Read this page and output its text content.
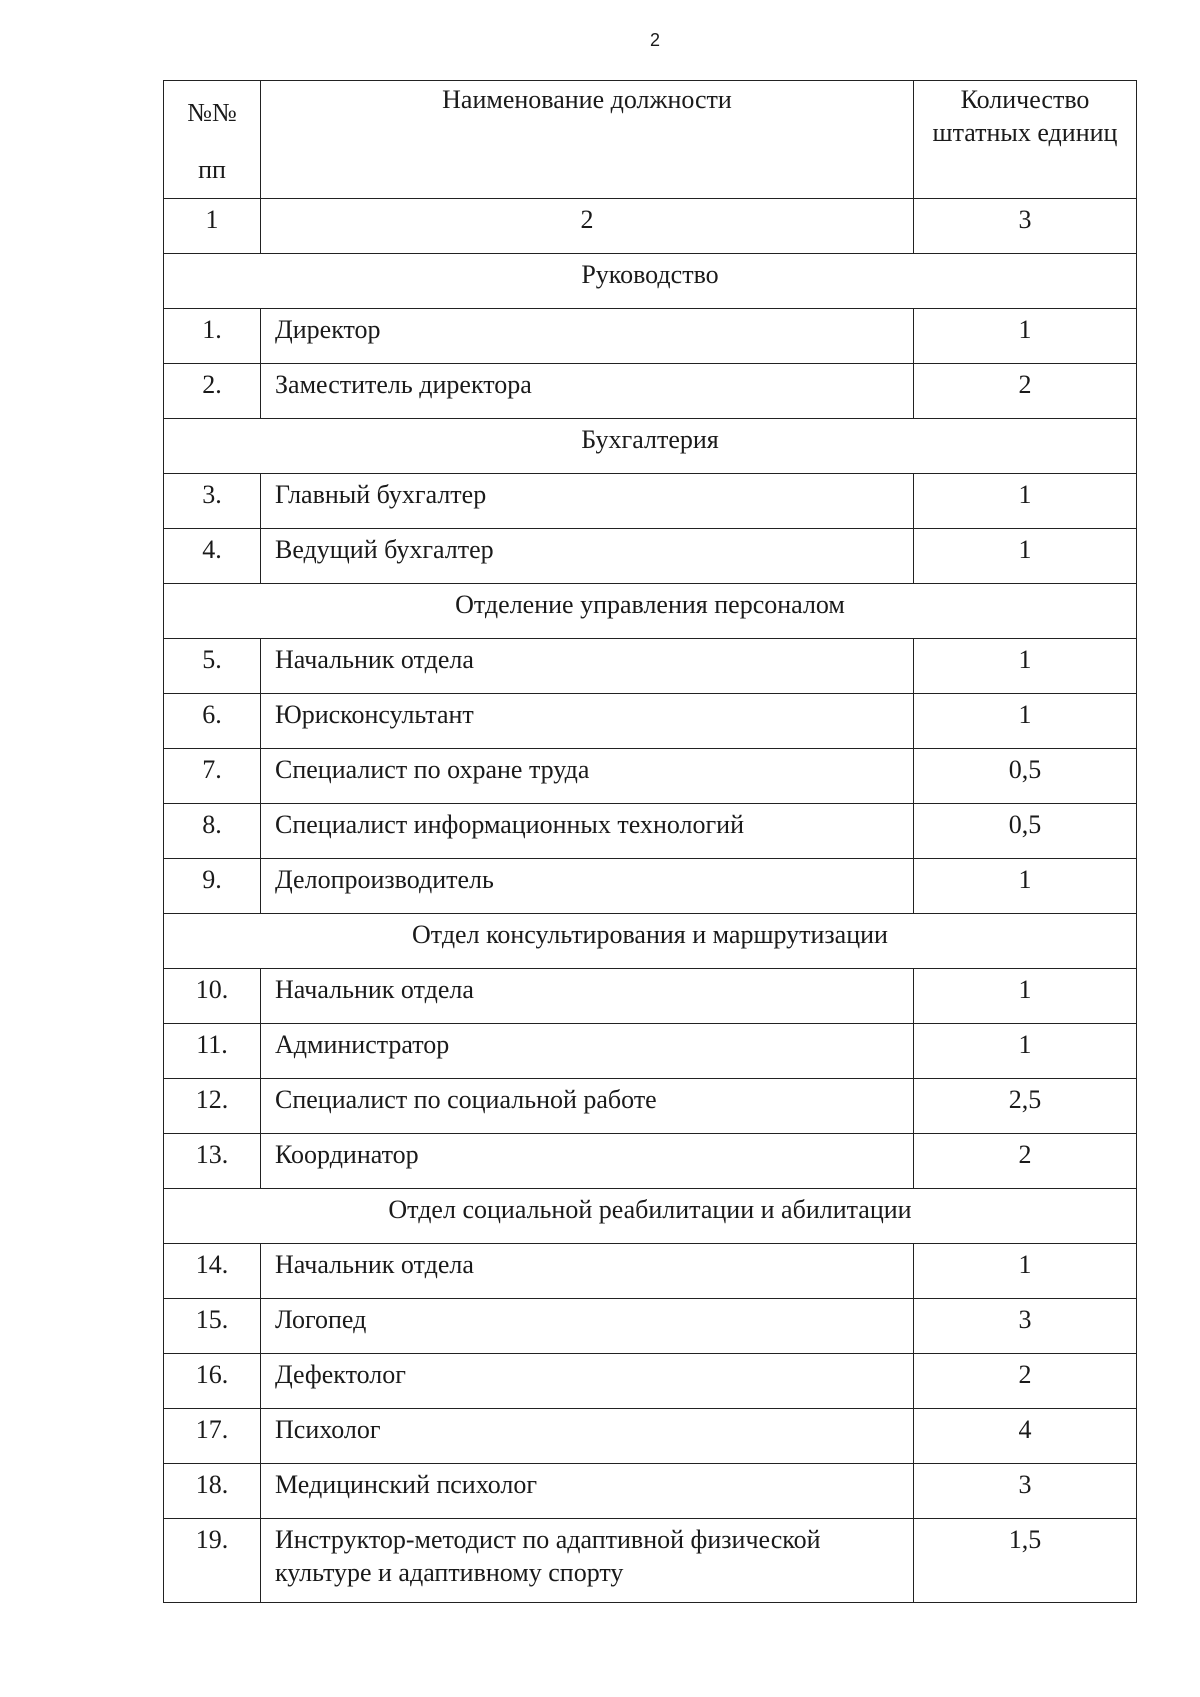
2
№№
пп	Наименование должности	Количество штатных единиц
1	2	3
Руководство		
1.	Директор	1
2.	Заместитель директора	2
Бухгалтерия		
3.	Главный бухгалтер	1
4.	Ведущий бухгалтер	1
Отделение управления персоналом		
5.	Начальник отдела	1
6.	Юрисконсультант	1
7.	Специалист по охране труда	0,5
8.	Специалист информационных технологий	0,5
9.	Делопроизводитель	1
Отдел консультирования и маршрутизации		
10.	Начальник отдела	1
11.	Администратор	1
12.	Специалист по социальной работе	2,5
13.	Координатор	2
Отдел социальной реабилитации и абилитации		
14.	Начальник отдела	1
15.	Логопед	3
16.	Дефектолог	2
17.	Психолог	4
18.	Медицинский психолог	3
19.	Инструктор-методист по адаптивной физической культуре и адаптивному спорту	1,5
